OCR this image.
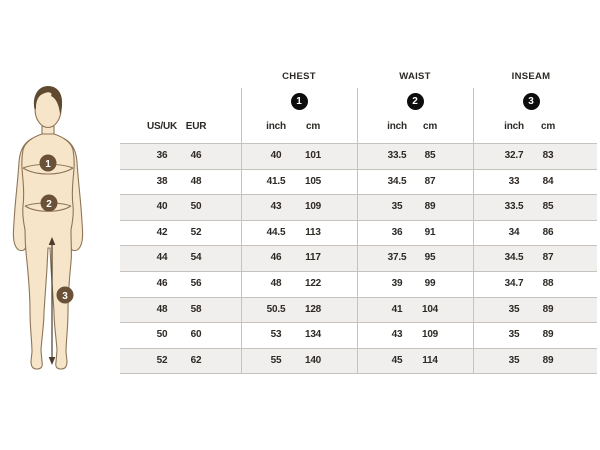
1
2
3
CHEST
1
WAIST
2
INSEAM
3
US/UK EUR	inch	cm	inch	cm	inch	cm
36	46	40	101	33.5	85	32.7	83
38	48	41.5	105	34.5	87	33	84
40	50	43	109	35	89	33.5	85
42	52	44.5	113	36	91	34	86
44	54	46	117	37.5	95	34.5	87
46	56	48	122	39	99	34.7	88
48	58	50.5	128	41	104	35	89
50	60	53	134	43	109	35	89
52	62	55	140	45	114	35	89
